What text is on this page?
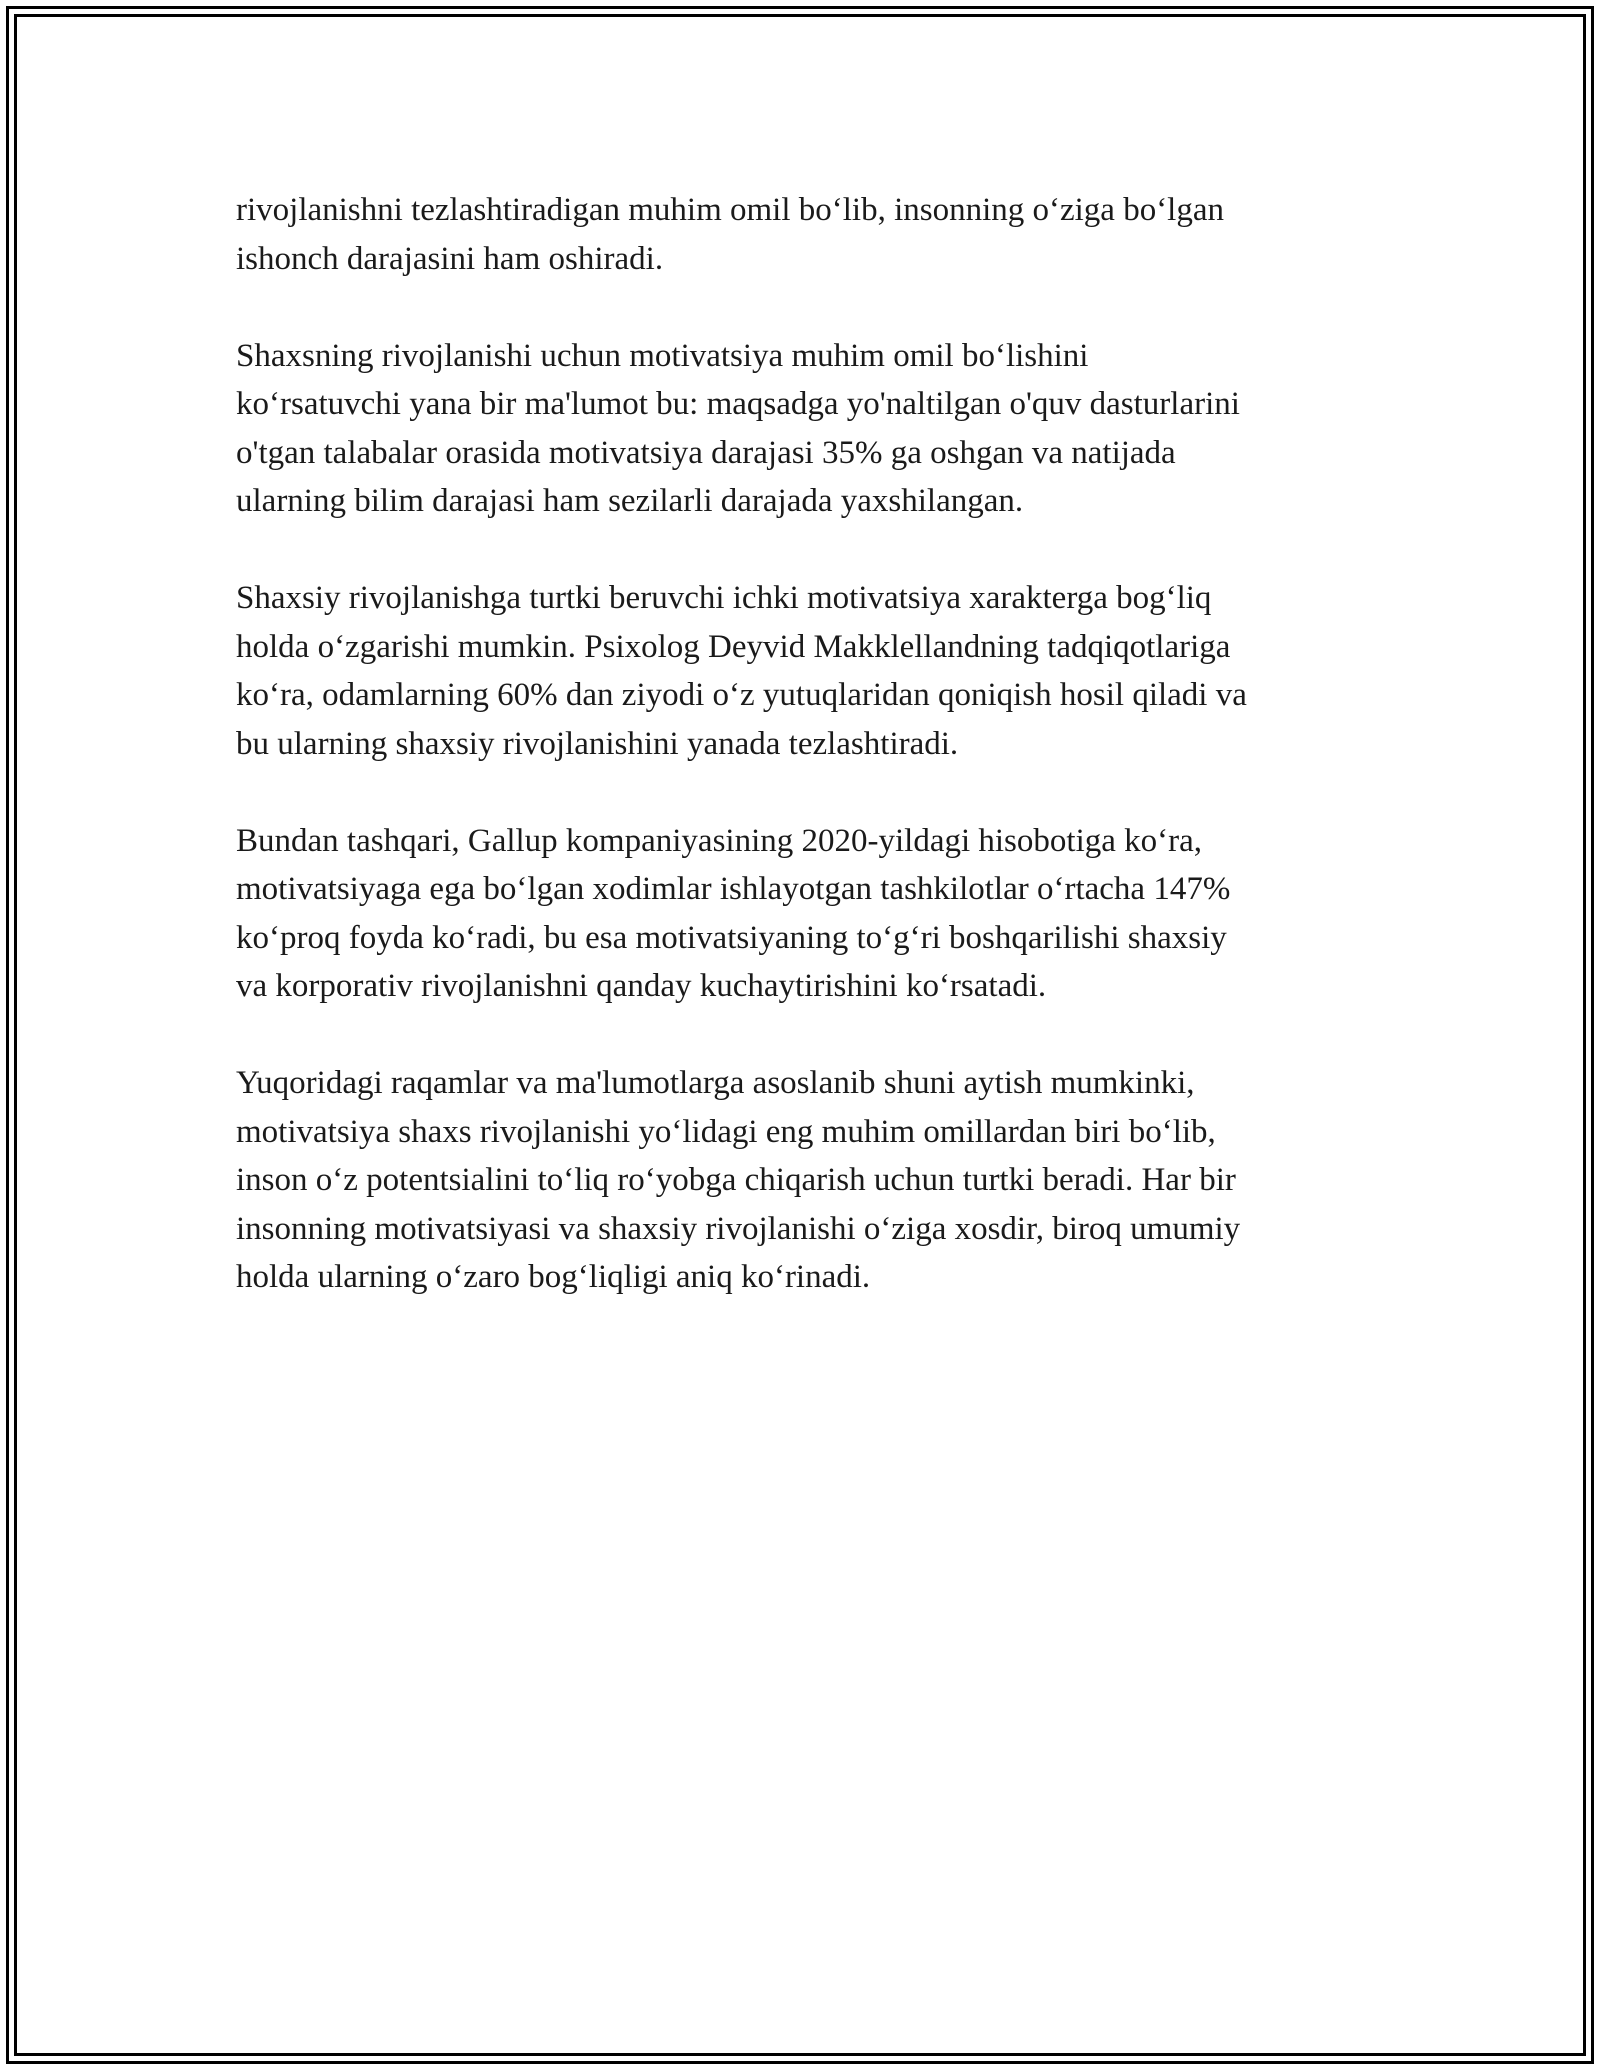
rivojlanishni tezlashtiradigan muhim omil bo‘lib, insonning o‘ziga bo‘lgan
ishonch darajasini ham oshiradi.

Shaxsning rivojlanishi uchun motivatsiya muhim omil bo‘lishini
ko‘rsatuvchi yana bir ma'lumot bu: maqsadga yo'naltilgan o'quv dasturlarini
o'tgan talabalar orasida motivatsiya darajasi 35% ga oshgan va natijada
ularning bilim darajasi ham sezilarli darajada yaxshilangan.

Shaxsiy rivojlanishga turtki beruvchi ichki motivatsiya xarakterga bog‘liq
holda o‘zgarishi mumkin. Psixolog Deyvid Makklellandning tadqiqotlariga
ko‘ra, odamlarning 60% dan ziyodi o‘z yutuqlaridan qoniqish hosil qiladi va
bu ularning shaxsiy rivojlanishini yanada tezlashtiradi.

Bundan tashqari, Gallup kompaniyasining 2020-yildagi hisobotiga ko‘ra,
motivatsiyaga ega bo‘lgan xodimlar ishlayotgan tashkilotlar o‘rtacha 147%
ko‘proq foyda ko‘radi, bu esa motivatsiyaning to‘g‘ri boshqarilishi shaxsiy
va korporativ rivojlanishni qanday kuchaytirishini ko‘rsatadi.

Yuqoridagi raqamlar va ma'lumotlarga asoslanib shuni aytish mumkinki,
motivatsiya shaxs rivojlanishi yo‘lidagi eng muhim omillardan biri bo‘lib,
inson o‘z potentsialini to‘liq ro‘yobga chiqarish uchun turtki beradi. Har bir
insonning motivatsiyasi va shaxsiy rivojlanishi o‘ziga xosdir, biroq umumiy
holda ularning o‘zaro bog‘liqligi aniq ko‘rinadi.
